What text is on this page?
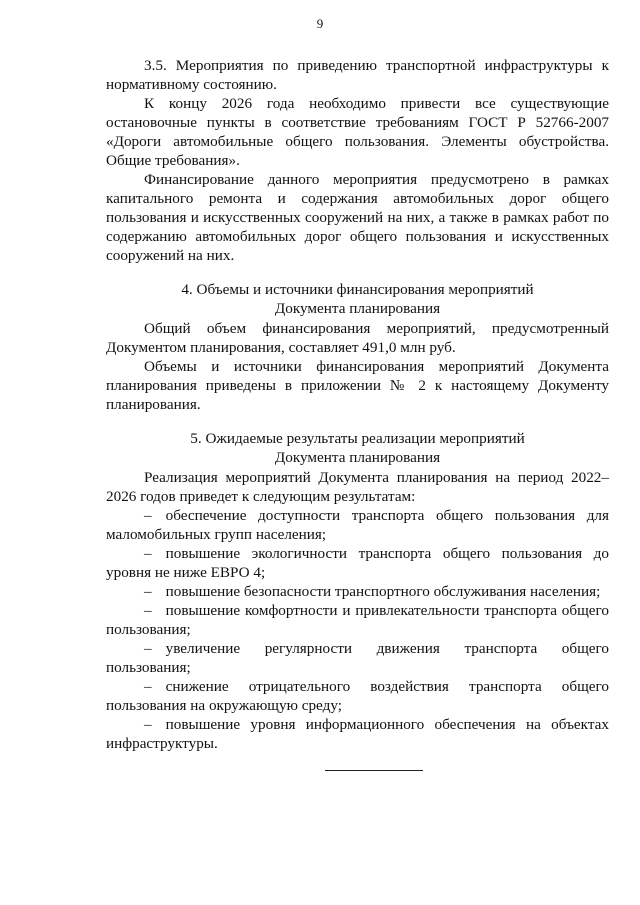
9

3.5. Мероприятия по приведению транспортной инфраструктуры к нормативному состоянию.

К концу 2026 года необходимо привести все существующие остановочные пункты в соответствие требованиям ГОСТ Р 52766-2007 «Дороги автомобильные общего пользования. Элементы обустройства. Общие требования».

Финансирование данного мероприятия предусмотрено в рамках капитального ремонта и содержания автомобильных дорог общего пользования и искусственных сооружений на них, а также в рамках работ по содержанию автомобильных дорог общего пользования и искусственных сооружений на них.

4. Объемы и источники финансирования мероприятий
Документа планирования

Общий объем финансирования мероприятий, предусмотренный Документом планирования, составляет 491,0 млн руб.

Объемы и источники финансирования мероприятий Документа планирования приведены в приложении № 2 к настоящему Документу планирования.

5. Ожидаемые результаты реализации мероприятий
Документа планирования

Реализация мероприятий Документа планирования на период 2022–2026 годов приведет к следующим результатам:

– обеспечение доступности транспорта общего пользования для маломобильных групп населения;
– повышение экологичности транспорта общего пользования до уровня не ниже ЕВРО 4;
– повышение безопасности транспортного обслуживания населения;
– повышение комфортности и привлекательности транспорта общего пользования;
– увеличение регулярности движения транспорта общего пользования;
– снижение отрицательного воздействия транспорта общего пользования на окружающую среду;
– повышение уровня информационного обеспечения на объектах инфраструктуры.
